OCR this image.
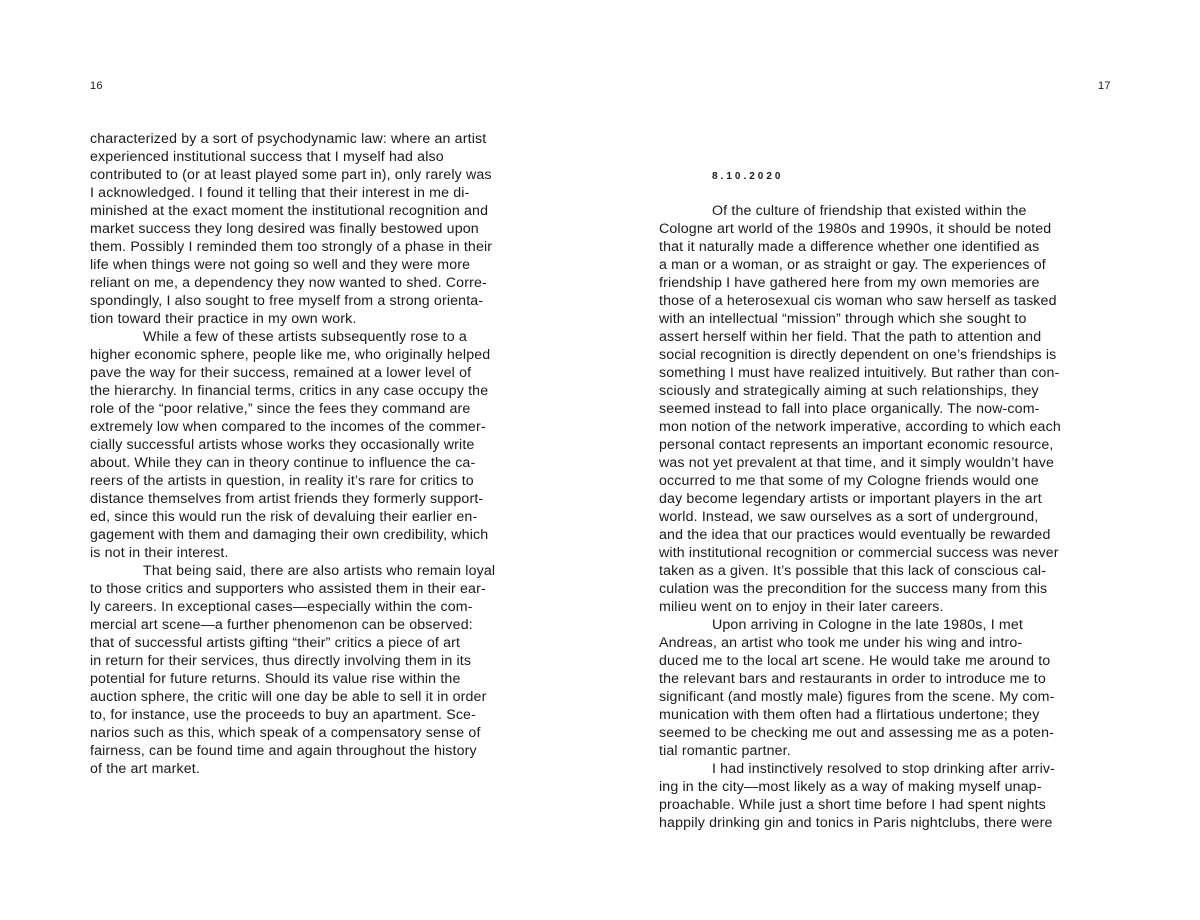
16	17
characterized by a sort of psychodynamic law: where an artist
experienced institutional success that I myself had also
contributed to (or at least played some part in), only rarely was
I acknowledged. I found it telling that their interest in me di-
minished at the exact moment the institutional recognition and
market success they long desired was finally bestowed upon
them. Possibly I reminded them too strongly of a phase in their
life when things were not going so well and they were more
reliant on me, a dependency they now wanted to shed. Corre-
spondingly, I also sought to free myself from a strong orienta-
tion toward their practice in my own work.
While a few of these artists subsequently rose to a
higher economic sphere, people like me, who originally helped
pave the way for their success, remained at a lower level of
the hierarchy. In financial terms, critics in any case occupy the
role of the “poor relative,” since the fees they command are
extremely low when compared to the incomes of the commer-
cially successful artists whose works they occasionally write
about. While they can in theory continue to influence the ca-
reers of the artists in question, in reality it’s rare for critics to
distance themselves from artist friends they formerly support-
ed, since this would run the risk of devaluing their earlier en-
gagement with them and damaging their own credibility, which
is not in their interest.
That being said, there are also artists who remain loyal
to those critics and supporters who assisted them in their ear-
ly careers. In exceptional cases—especially within the com-
mercial art scene—a further phenomenon can be observed:
that of successful artists gifting “their” critics a piece of art
in return for their services, thus directly involving them in its
potential for future returns. Should its value rise within the
auction sphere, the critic will one day be able to sell it in order
to, for instance, use the proceeds to buy an apartment. Sce-
narios such as this, which speak of a compensatory sense of
fairness, can be found time and again throughout the history
of the art market.
8.10.2020
Of the culture of friendship that existed within the
Cologne art world of the 1980s and 1990s, it should be noted
that it naturally made a difference whether one identified as
a man or a woman, or as straight or gay. The experiences of
friendship I have gathered here from my own memories are
those of a heterosexual cis woman who saw herself as tasked
with an intellectual “mission” through which she sought to
assert herself within her field. That the path to attention and
social recognition is directly dependent on one’s friendships is
something I must have realized intuitively. But rather than con-
sciously and strategically aiming at such relationships, they
seemed instead to fall into place organically. The now-com-
mon notion of the network imperative, according to which each
personal contact represents an important economic resource,
was not yet prevalent at that time, and it simply wouldn’t have
occurred to me that some of my Cologne friends would one
day become legendary artists or important players in the art
world. Instead, we saw ourselves as a sort of underground,
and the idea that our practices would eventually be rewarded
with institutional recognition or commercial success was never
taken as a given. It’s possible that this lack of conscious cal-
culation was the precondition for the success many from this
milieu went on to enjoy in their later careers.
Upon arriving in Cologne in the late 1980s, I met
Andreas, an artist who took me under his wing and intro-
duced me to the local art scene. He would take me around to
the relevant bars and restaurants in order to introduce me to
significant (and mostly male) figures from the scene. My com-
munication with them often had a flirtatious undertone; they
seemed to be checking me out and assessing me as a poten-
tial romantic partner.
I had instinctively resolved to stop drinking after arriv-
ing in the city—most likely as a way of making myself unap-
proachable. While just a short time before I had spent nights
happily drinking gin and tonics in Paris nightclubs, there were
